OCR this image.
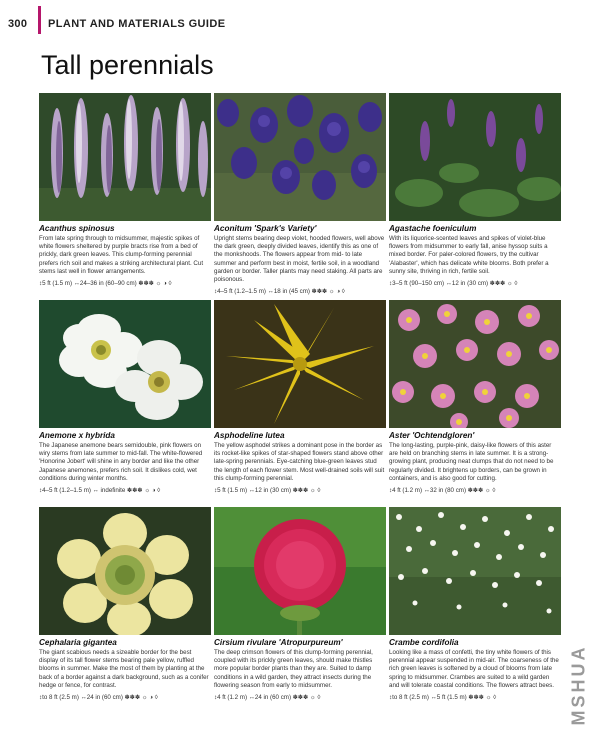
300 PLANT AND MATERIALS GUIDE
Tall perennials
Acanthus spinosus
From late spring through to midsummer, majestic spikes of white flowers sheltered by purple bracts rise from a bed of prickly, dark green leaves. This clump-forming perennial prefers rich soil and makes a striking architectural plant. Cut stems last well in flower arrangements.
↕5 ft (1.5 m) ↔24–36 in (60–90 cm) ✽✽✽ ☼ ◑ ◊
Aconitum 'Spark's Variety'
Upright stems bearing deep violet, hooded flowers, well above the dark green, deeply divided leaves, identify this as one of the monkshoods. The flowers appear from mid- to late summer and perform best in moist, fertile soil, in a woodland garden or border. Taller plants may need staking. All parts are poisonous.
↕4–5 ft (1.2–1.5 m) ↔18 in (45 cm) ✽✽✽ ☼ ◑ ◊
Agastache foeniculum
With its liquorice-scented leaves and spikes of violet-blue flowers from midsummer to early fall, anise hyssop suits a mixed border. For paler-colored flowers, try the cultivar 'Alabaster', which has delicate white blooms. Both prefer a sunny site, thriving in rich, fertile soil.
↕3–5 ft (90–150 cm) ↔12 in (30 cm) ✽✽✽ ☼ ◊
Anemone x hybrida
The Japanese anemone bears semidouble, pink flowers on wiry stems from late summer to mid-fall. The white-flowered 'Honorine Jobert' will shine in any border and like the other Japanese anemones, prefers rich soil. It dislikes cold, wet conditions during winter months.
↕4–5 ft (1.2–1.5 m) ↔ indefinite ✽✽✽ ☼ ◑ ◊
Asphodeline lutea
The yellow asphodel strikes a dominant pose in the border as its rocket-like spikes of star-shaped flowers stand above other late-spring perennials. Eye-catching blue-green leaves stud the length of each flower stem. Most well-drained soils will suit this clump-forming perennial.
↕5 ft (1.5 m) ↔12 in (30 cm) ✽✽✽ ☼ ◊
Aster 'Ochtendgloren'
The long-lasting, purple-pink, daisy-like flowers of this aster are held on branching stems in late summer. It is a strong-growing plant, producing neat clumps that do not need to be regularly divided. It brightens up borders, can be grown in containers, and is also good for cutting.
↕4 ft (1.2 m) ↔32 in (80 cm) ✽✽✽ ☼ ◊
Cephalaria gigantea
The giant scabious needs a sizeable border for the best display of its tall flower stems bearing pale yellow, ruffled blooms in summer. Make the most of them by planting at the back of a border against a dark background, such as a conifer hedge or fence, for contrast.
↕to 8 ft (2.5 m) ↔24 in (60 cm) ✽✽✽ ☼ ◑ ◊
Cirsium rivulare 'Atropurpureum'
The deep crimson flowers of this clump-forming perennial, coupled with its prickly green leaves, should make thistles more popular border plants than they are. Suited to damp conditions in a wild garden, they attract insects during the flowering season from early to midsummer.
↕4 ft (1.2 m) ↔24 in (60 cm) ✽✽✽ ☼ ◊
Crambe cordifolia
Looking like a mass of confetti, the tiny white flowers of this perennial appear suspended in mid-air. The coarseness of the rich green leaves is softened by a cloud of blooms from late spring to midsummer. Crambes are suited to a wild garden and will tolerate coastal conditions. The flowers attract bees.
↕to 8 ft (2.5 m) ↔5 ft (1.5 m) ✽✽✽ ☼ ◊	MSHUA
